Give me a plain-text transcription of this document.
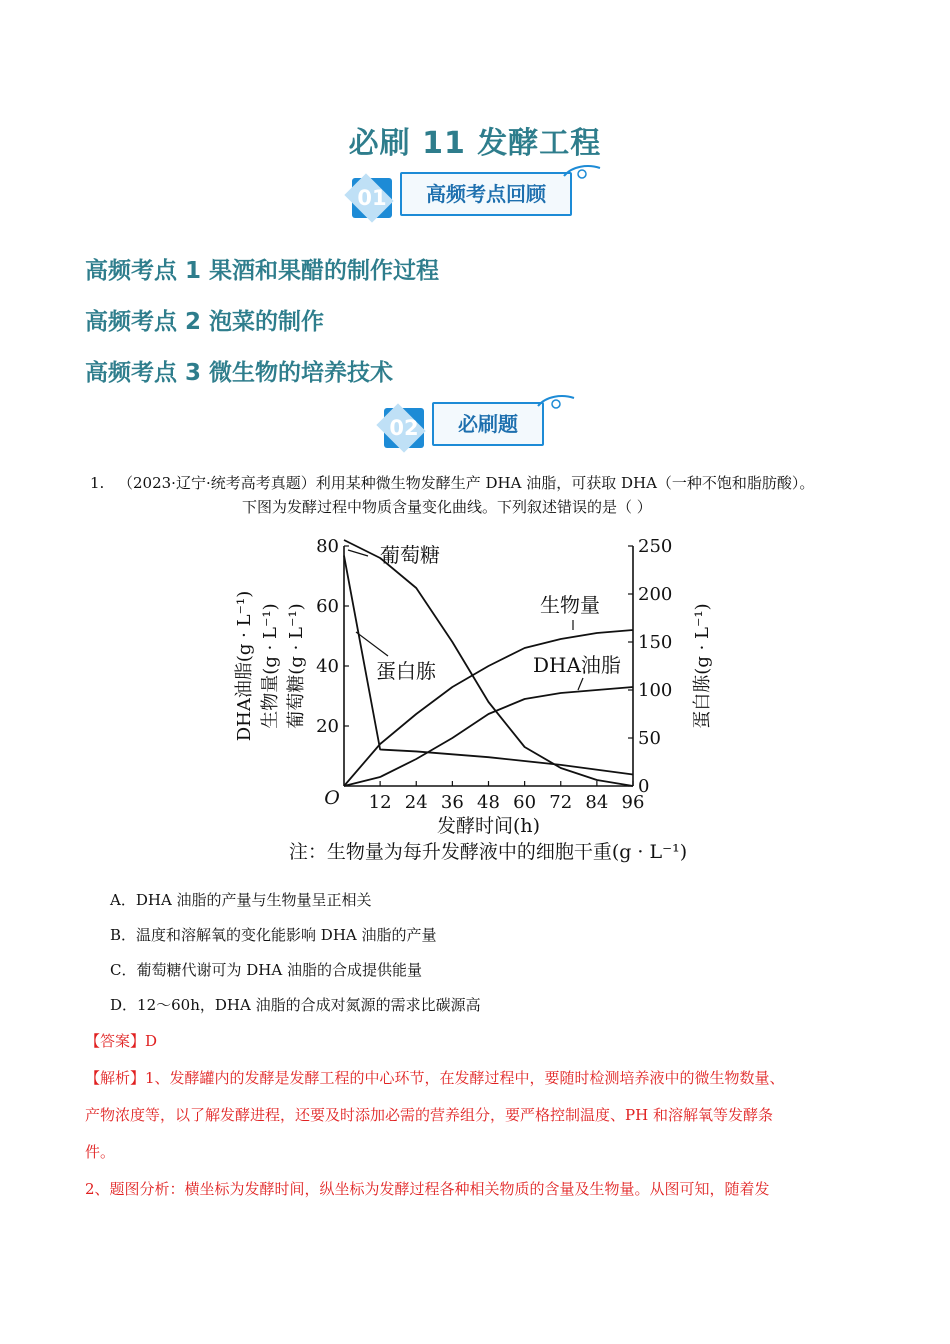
必刷 11 发酵工程
01	高频考点回顾
高频考点 1 果酒和果醋的制作过程
高频考点 2 泡菜的制作
高频考点 3 微生物的培养技术
02	必刷题
1. （2023·辽宁·统考高考真题）利用某种微生物发酵生产 DHA 油脂，可获取 DHA（一种不饱和脂肪酸）。
下图为发酵过程中物质含量变化曲线。下列叙述错误的是（ ）
12 24 36 48 60 72 84 96
O
20
40
60
80
0
50
100
150
200
250
DHA油脂(g · L⁻¹) 生物量(g · L⁻¹) 葡萄糖(g · L⁻¹)	蛋白胨(g · L⁻¹)
发酵时间(h)
注：生物量为每升发酵液中的细胞干重(g · L⁻¹)
葡萄糖
蛋白胨
生物量
DHA油脂
A．DHA 油脂的产量与生物量呈正相关
B．温度和溶解氧的变化能影响 DHA 油脂的产量
C．葡萄糖代谢可为 DHA 油脂的合成提供能量
D．12～60h，DHA 油脂的合成对氮源的需求比碳源高
【答案】D
【解析】1、发酵罐内的发酵是发酵工程的中心环节，在发酵过程中，要随时检测培养液中的微生物数量、
产物浓度等，以了解发酵进程，还要及时添加必需的营养组分，要严格控制温度、PH 和溶解氧等发酵条
件。
2、题图分析：横坐标为发酵时间，纵坐标为发酵过程各种相关物质的含量及生物量。从图可知，随着发
